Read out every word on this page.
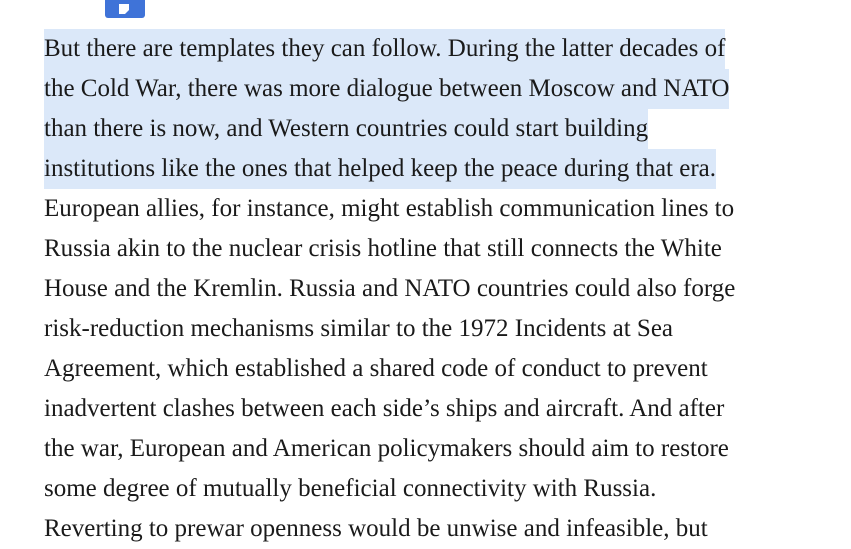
But there are templates they can follow. During the latter decades of
the Cold War, there was more dialogue between Moscow and NATO
than there is now, and Western countries could start building
institutions like the ones that helped keep the peace during that era.
European allies, for instance, might establish communication lines to
Russia akin to the nuclear crisis hotline that still connects the White
House and the Kremlin. Russia and NATO countries could also forge
risk-reduction mechanisms similar to the 1972 Incidents at Sea
Agreement, which established a shared code of conduct to prevent
inadvertent clashes between each side’s ships and aircraft. And after
the war, European and American policymakers should aim to restore
some degree of mutually beneficial connectivity with Russia.
Reverting to prewar openness would be unwise and infeasible, but
